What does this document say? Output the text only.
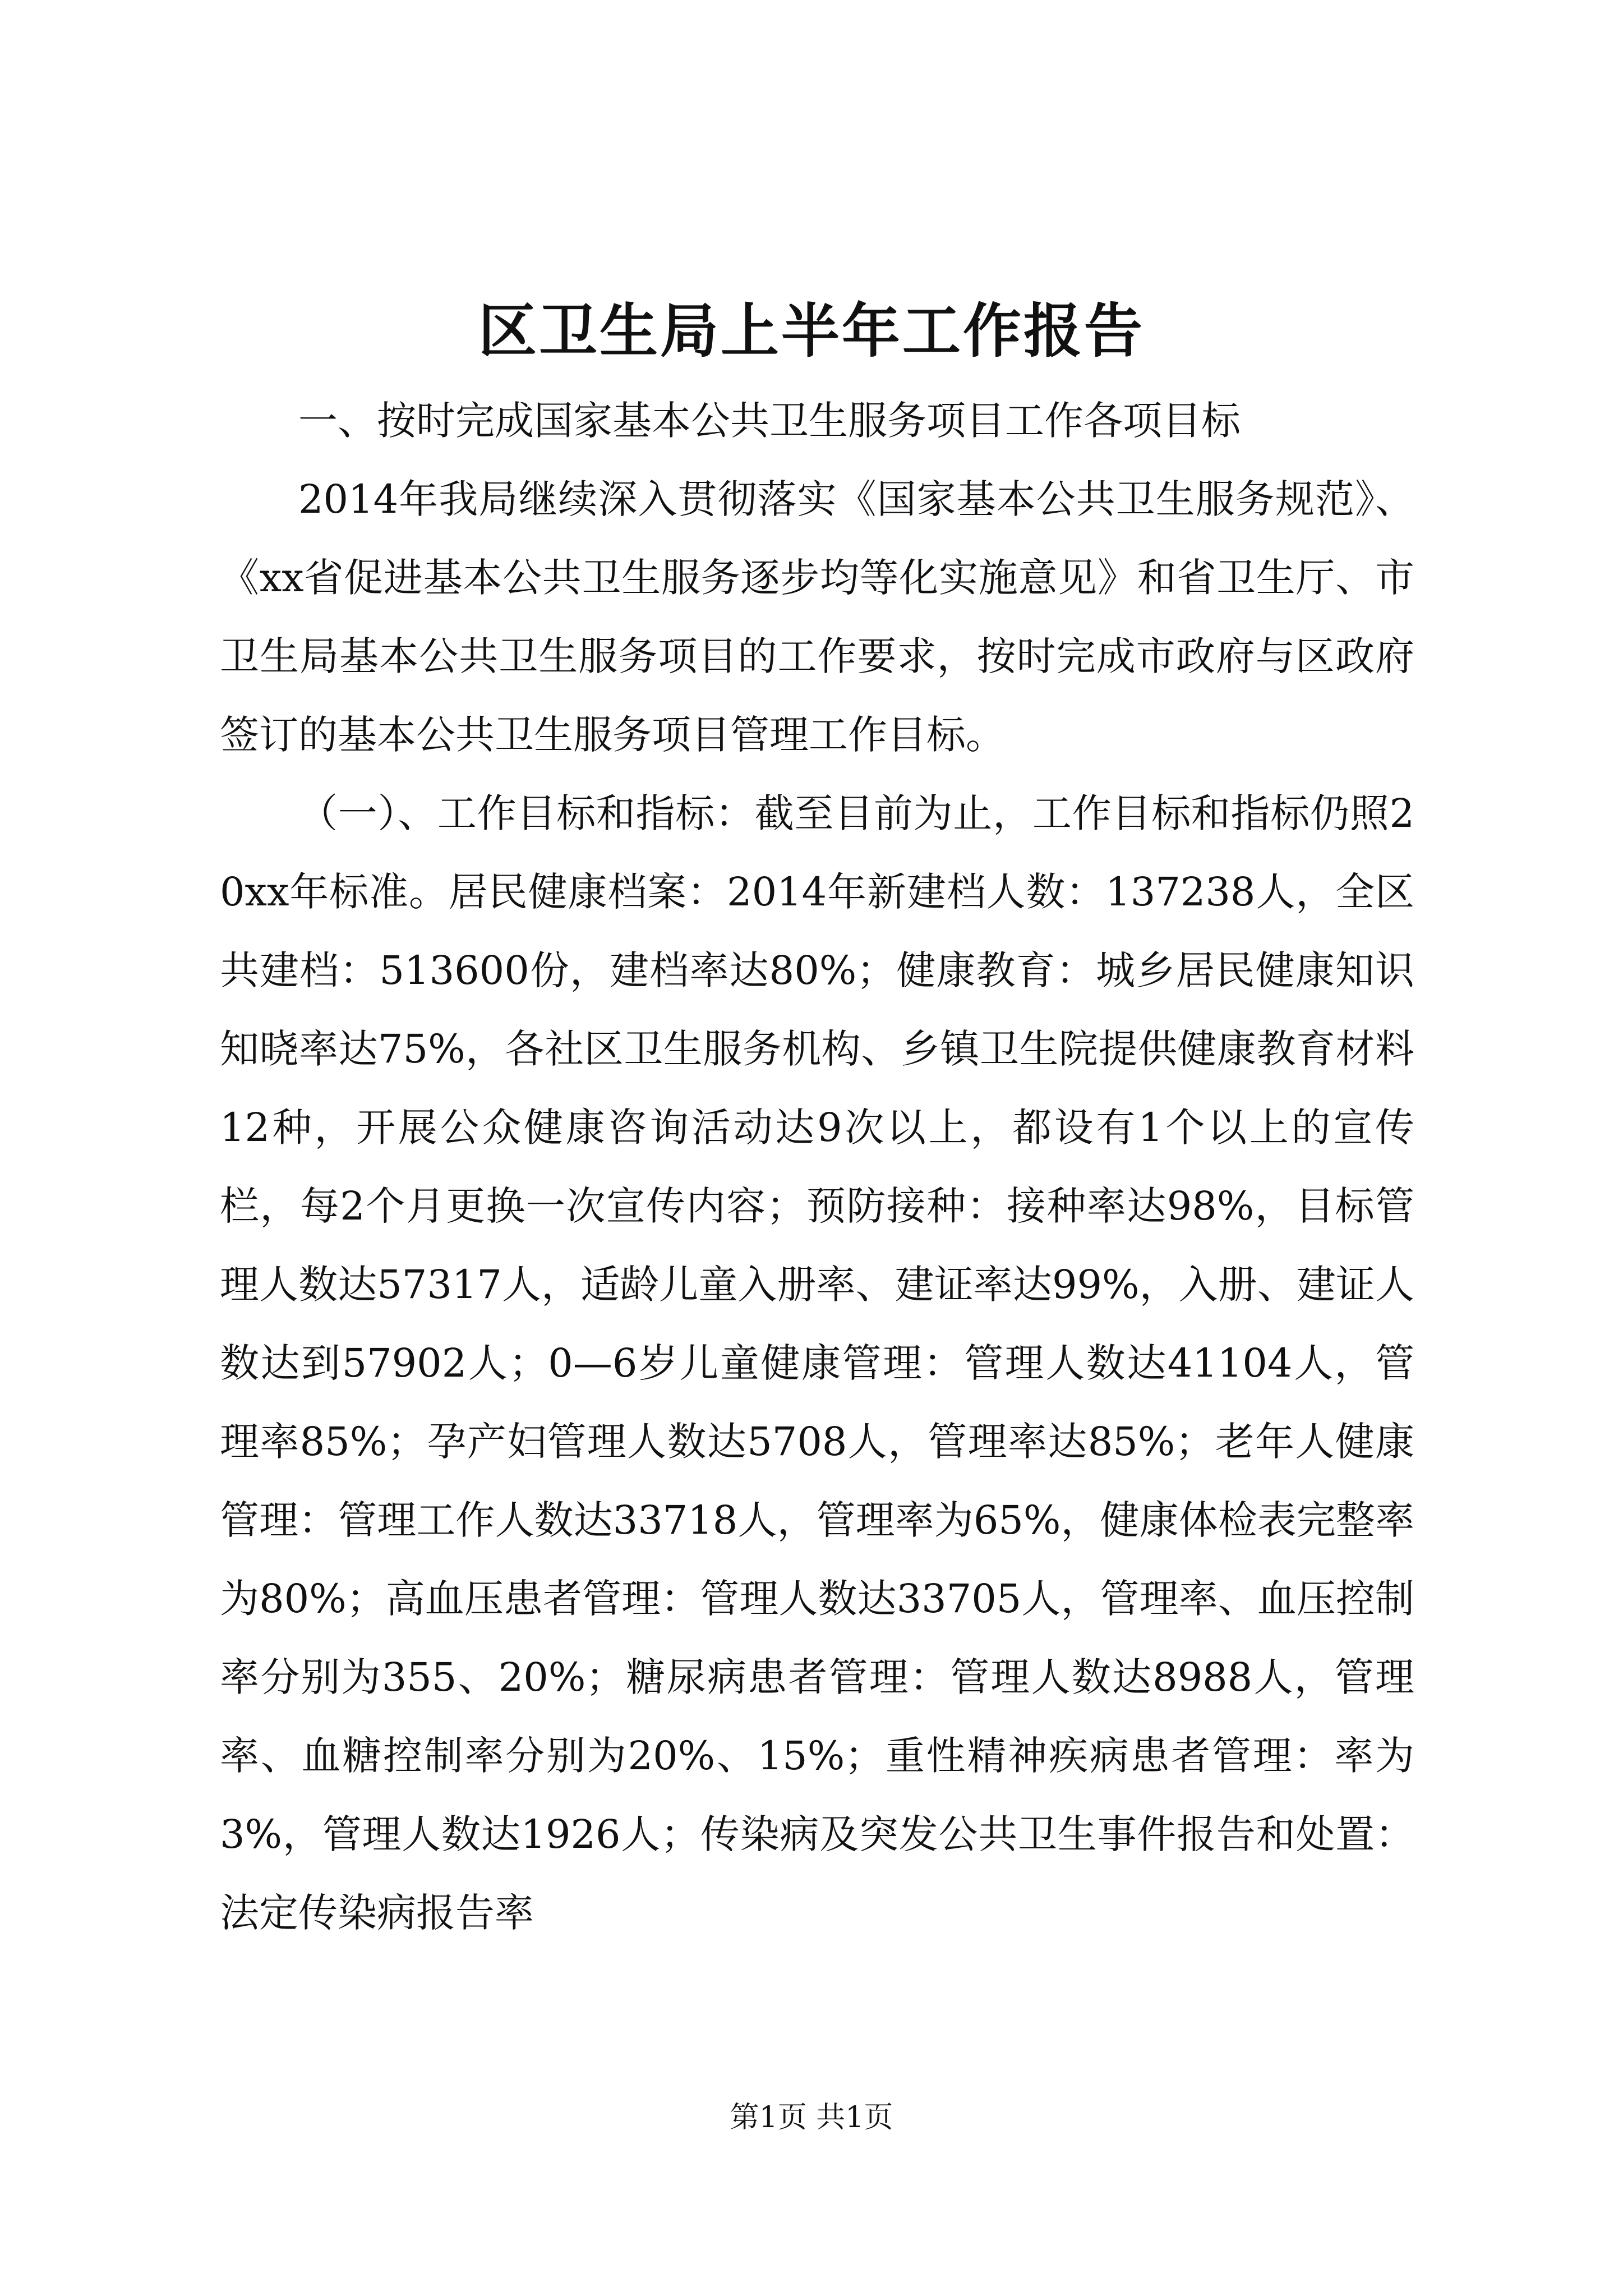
区卫生局上半年工作报告

一、按时完成国家基本公共卫生服务项目工作各项目标

2014年我局继续深入贯彻落实《国家基本公共卫生服务规范》、《xx省促进基本公共卫生服务逐步均等化实施意见》和省卫生厅、市卫生局基本公共卫生服务项目的工作要求，按时完成市政府与区政府签订的基本公共卫生服务项目管理工作目标。

（一）、工作目标和指标：截至目前为止，工作目标和指标仍照20xx年标准。居民健康档案：2014年新建档人数：137238人，全区共建档：513600份，建档率达80%；健康教育：城乡居民健康知识知晓率达75%，各社区卫生服务机构、乡镇卫生院提供健康教育材料12种，开展公众健康咨询活动达9次以上，都设有1个以上的宣传栏，每2个月更换一次宣传内容；预防接种：接种率达98%，目标管理人数达57317人，适龄儿童入册率、建证率达99%，入册、建证人数达到57902人；0—6岁儿童健康管理：管理人数达41104人，管理率85%；孕产妇管理人数达5708人，管理率达85%；老年人健康管理：管理工作人数达33718人，管理率为65%，健康体检表完整率为80%；高血压患者管理：管理人数达33705人，管理率、血压控制率分别为355、20%；糖尿病患者管理：管理人数达8988人，管理率、血糖控制率分别为20%、15%；重性精神疾病患者管理：率为3%，管理人数达1926人；传染病及突发公共卫生事件报告和处置：法定传染病报告率

第1页 共1页
